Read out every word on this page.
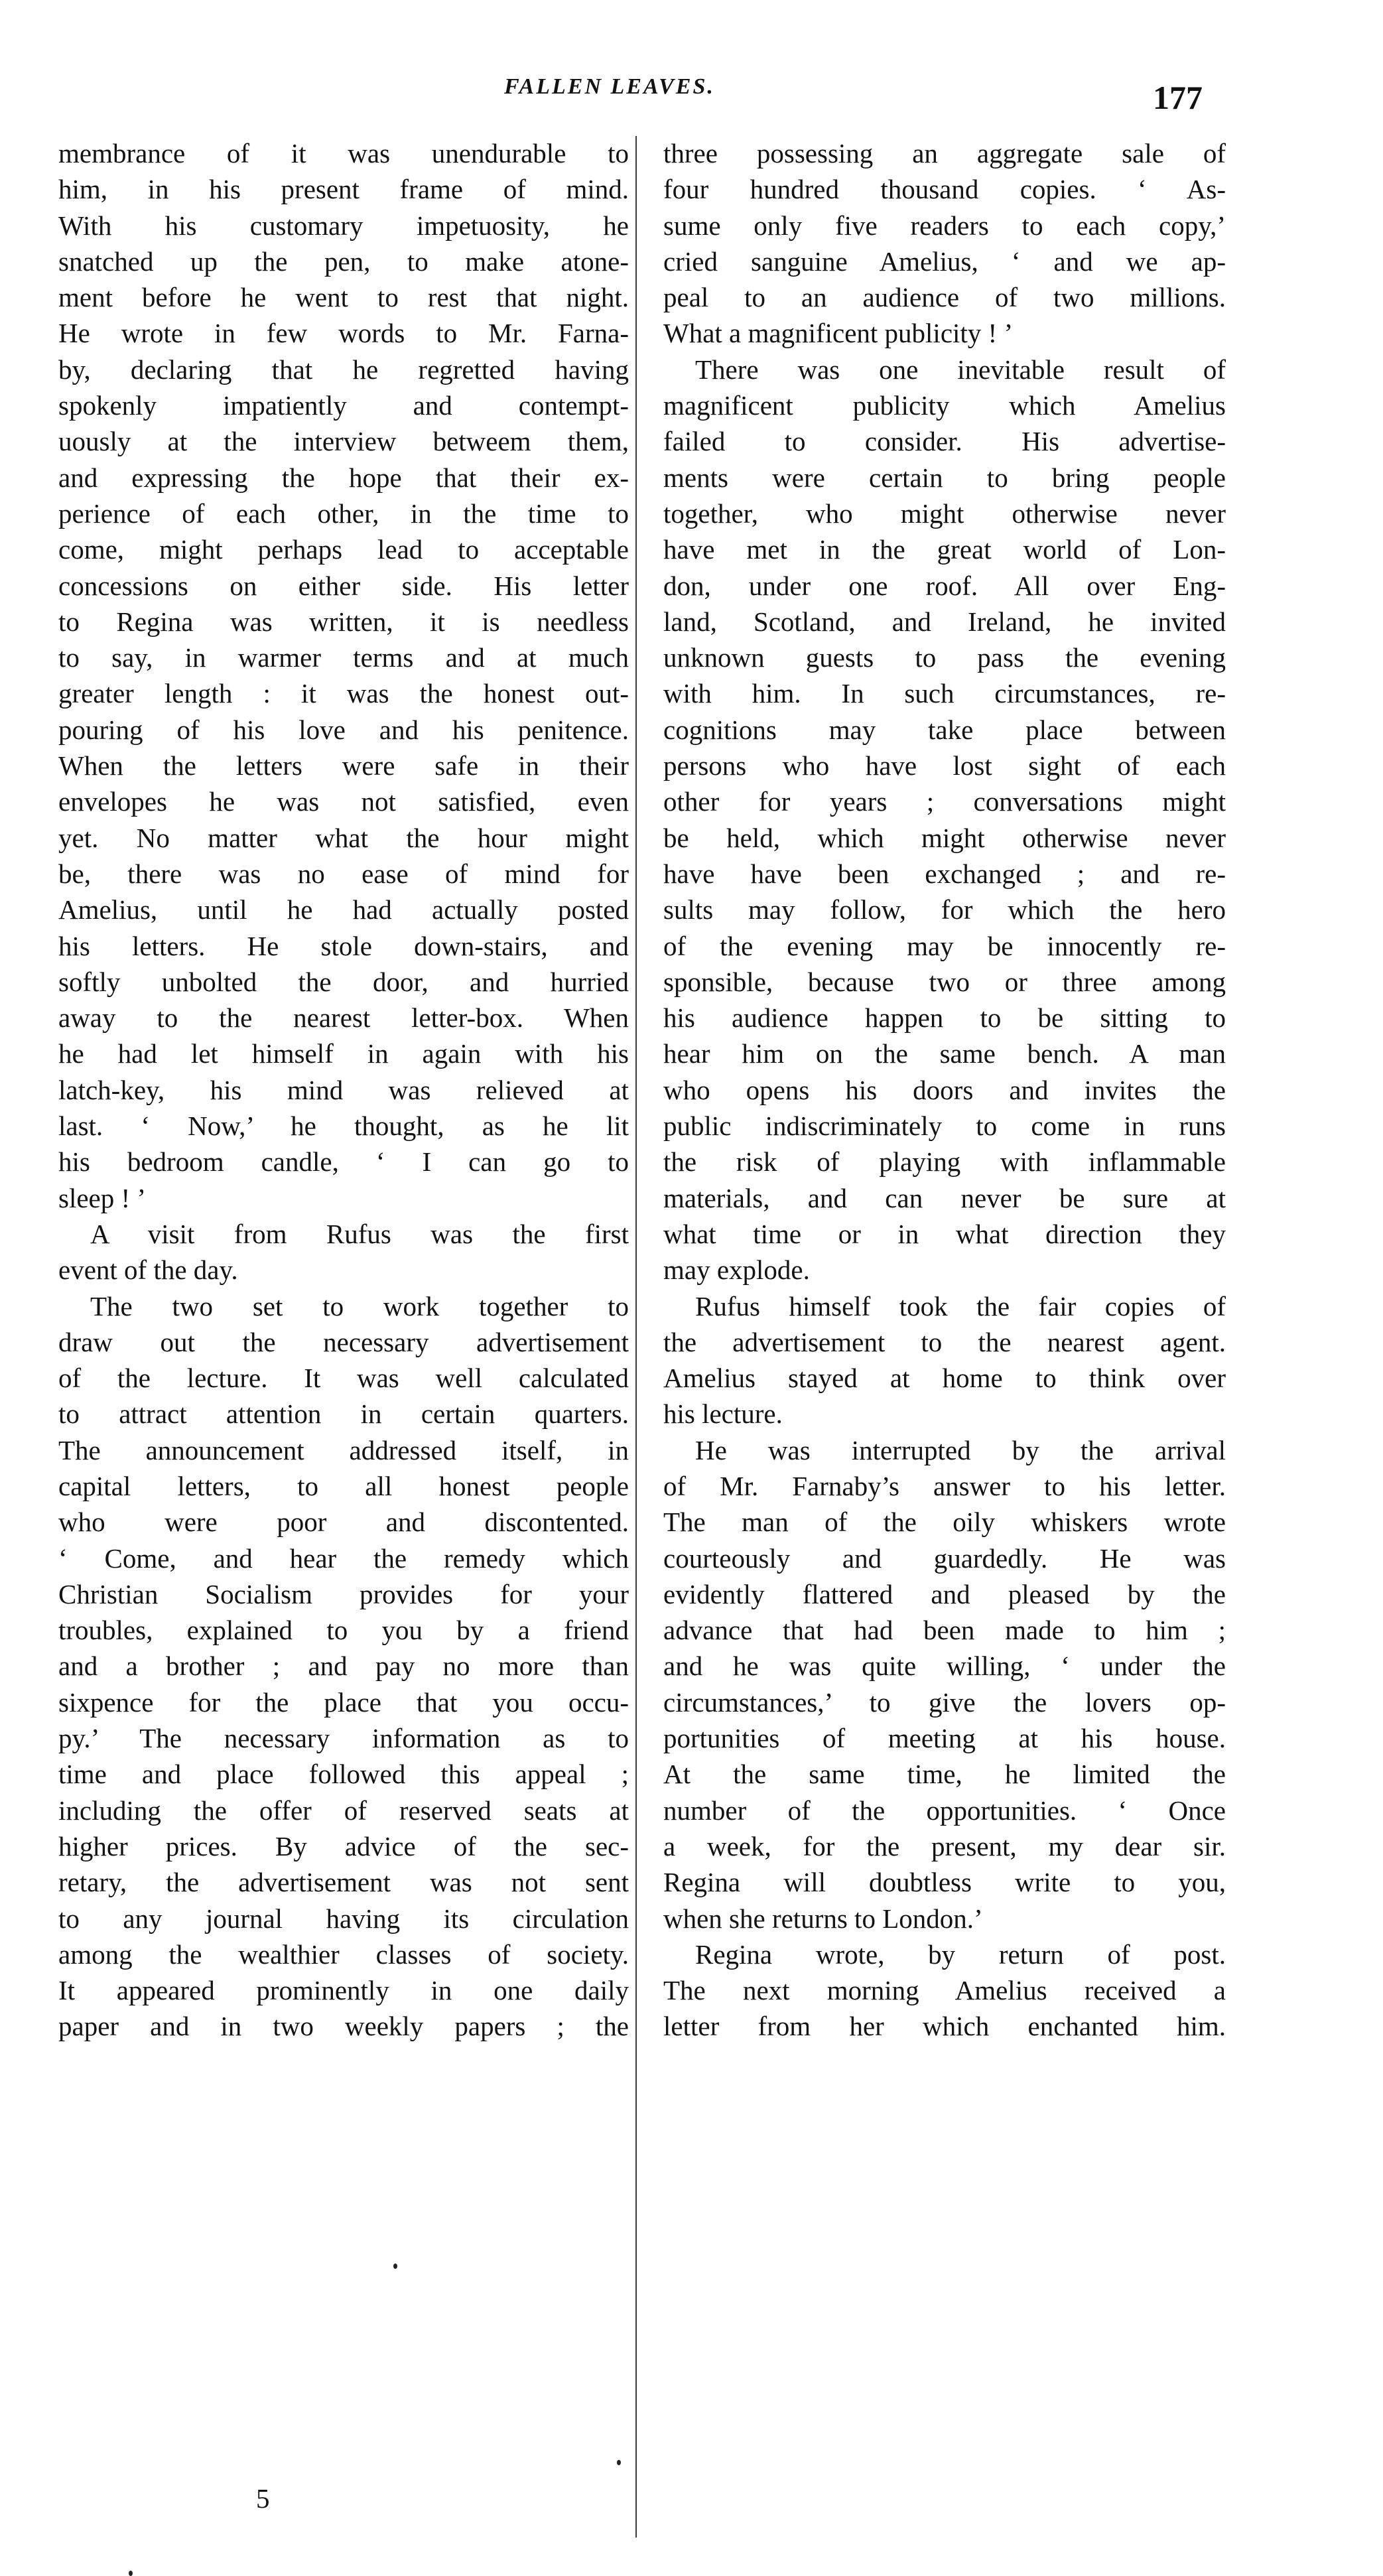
FALLEN LEAVES.	177
membrance of it was unendurable to
him, in his present frame of mind.
With his customary impetuosity, he
snatched up the pen, to make atone-
ment before he went to rest that night.
He wrote in few words to Mr. Farna-
by, declaring that he regretted having
spokenly impatiently and contempt-
uously at the interview betweem them,
and expressing the hope that their ex-
perience of each other, in the time to
come, might perhaps lead to acceptable
concessions on either side. His letter
to Regina was written, it is needless
to say, in warmer terms and at much
greater length : it was the honest out-
pouring of his love and his penitence.
When the letters were safe in their
envelopes he was not satisfied, even
yet. No matter what the hour might
be, there was no ease of mind for
Amelius, until he had actually posted
his letters. He stole down-stairs, and
softly unbolted the door, and hurried
away to the nearest letter-box. When
he had let himself in again with his
latch-key, his mind was relieved at
last. ‘ Now,’ he thought, as he lit
his bedroom candle, ‘ I can go to
sleep ! ’
A visit from Rufus was the first
event of the day.
The two set to work together to
draw out the necessary advertisement
of the lecture. It was well calculated
to attract attention in certain quarters.
The announcement addressed itself, in
capital letters, to all honest people
who were poor and discontented.
‘ Come, and hear the remedy which
Christian Socialism provides for your
troubles, explained to you by a friend
and a brother ; and pay no more than
sixpence for the place that you occu-
py.’ The necessary information as to
time and place followed this appeal ;
including the offer of reserved seats at
higher prices. By advice of the sec-
retary, the advertisement was not sent
to any journal having its circulation
among the wealthier classes of society.
It appeared prominently in one daily
paper and in two weekly papers ; the
three possessing an aggregate sale of
four hundred thousand copies. ‘ As-
sume only five readers to each copy,’
cried sanguine Amelius, ‘ and we ap-
peal to an audience of two millions.
What a magnificent publicity ! ’
There was one inevitable result of
magnificent publicity which Amelius
failed to consider. His advertise-
ments were certain to bring people
together, who might otherwise never
have met in the great world of Lon-
don, under one roof. All over Eng-
land, Scotland, and Ireland, he invited
unknown guests to pass the evening
with him. In such circumstances, re-
cognitions may take place between
persons who have lost sight of each
other for years ; conversations might
be held, which might otherwise never
have have been exchanged ; and re-
sults may follow, for which the hero
of the evening may be innocently re-
sponsible, because two or three among
his audience happen to be sitting to
hear him on the same bench. A man
who opens his doors and invites the
public indiscriminately to come in runs
the risk of playing with inflammable
materials, and can never be sure at
what time or in what direction they
may explode.
Rufus himself took the fair copies of
the advertisement to the nearest agent.
Amelius stayed at home to think over
his lecture.
He was interrupted by the arrival
of Mr. Farnaby’s answer to his letter.
The man of the oily whiskers wrote
courteously and guardedly. He was
evidently flattered and pleased by the
advance that had been made to him ;
and he was quite willing, ‘ under the
circumstances,’ to give the lovers op-
portunities of meeting at his house.
At the same time, he limited the
number of the opportunities. ‘ Once
a week, for the present, my dear sir.
Regina will doubtless write to you,
when she returns to London.’
Regina wrote, by return of post.
The next morning Amelius received a
letter from her which enchanted him.
5
